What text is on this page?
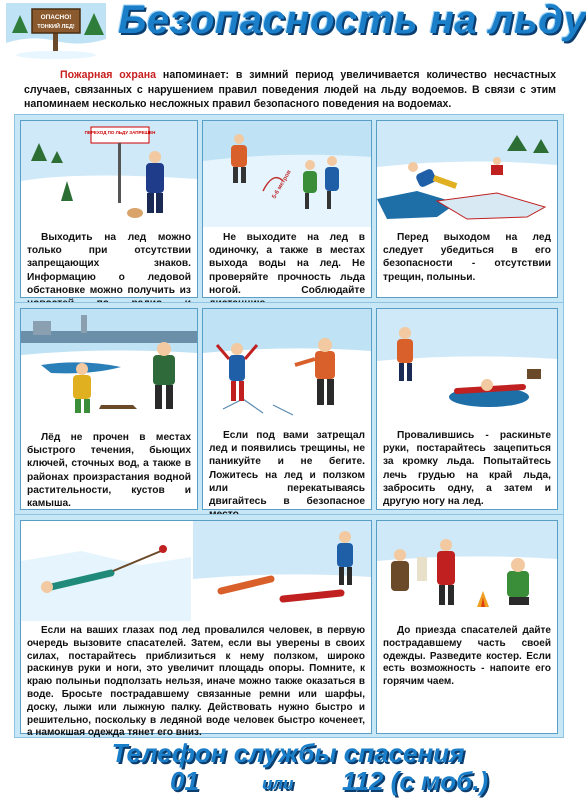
ОПАСНО!
ТОНКИЙ ЛЕД! Безопасность на льду

Пожарная охрана напоминает: в зимний период увеличивается количество несчастных случаев, связанных с нарушением правил поведения людей на льду водоемов. В связи с этим напоминаем несколько несложных правил безопасного поведения на водоемах.

ПЕРЕХОД ПО ЛЬДУ ЗАПРЕЩЕН

Выходить на лед можно только при отсутствии запрещающих знаков. Информацию о ледовой обстановке можно получить из

5-6 метров

Не выходите на лед в одиночку, а также в местах выхода воды на лед. Не проверяйте прочность льда ногой. Соблюдайте

Перед выходом на лед следует убедиться в его безопасности - отсутствии трещин, полыньи.

Лёд не прочен в местах быстрого течения, бьющих ключей, сточных вод, а также в районах произрастания водной растительности, кустов и камыша.

Если под вами затрещал лед и появились трещины, не паникуйте и не бегите. Ложитесь на лед и ползком или перекатываясь двигайтесь в безопасное

Провалившись - раскиньте руки, постарайтесь зацепиться за кромку льда. Попытайтесь лечь грудью на край льда, забросить одну, а затем и другую ногу на лед.

Если на ваших глазах под лед провалился человек, в первую очередь вызовите спасателей. Затем, если вы уверены в своих силах, постарайтесь приблизиться к нему ползком, широко раскинув руки и ноги, это увеличит площадь опоры. Помните, к краю полыньи подползать нельзя, иначе можно также оказаться в воде. Бросьте пострадавшему связанные ремни или шарфы, доску, лыжи или лыжную палку. Действовать нужно быстро и решительно, поскольку в ледяной воде человек быстро коченеет, а намокшая одежда тянет его вниз.

До приезда спасателей дайте пострадавшему часть своей одежды. Разведите костер. Если есть возможность - напоите его горячим чаем.

Телефон службы спасения

01	или 112 (с моб.)
